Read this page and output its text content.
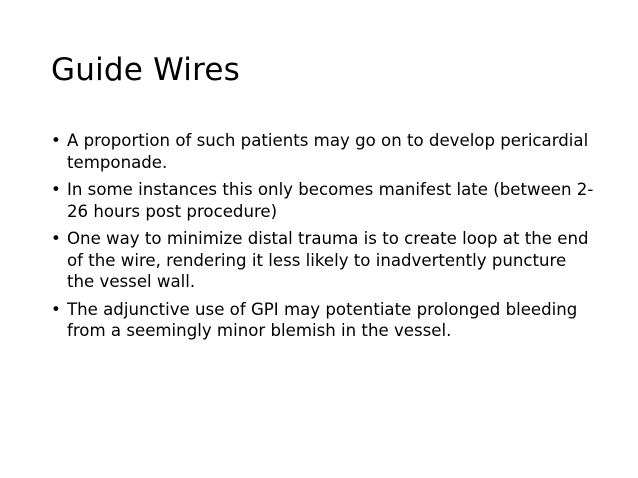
Guide Wires
• A proportion of such patients may go on to develop pericardial temponade.
• In some instances this only becomes manifest late (between 2-26 hours post procedure)
• One way to minimize distal trauma is to create loop at the end of the wire, rendering it less likely to inadvertently puncture the vessel wall.
• The adjunctive use of GPI may potentiate prolonged bleeding from a seemingly minor blemish in the vessel.
